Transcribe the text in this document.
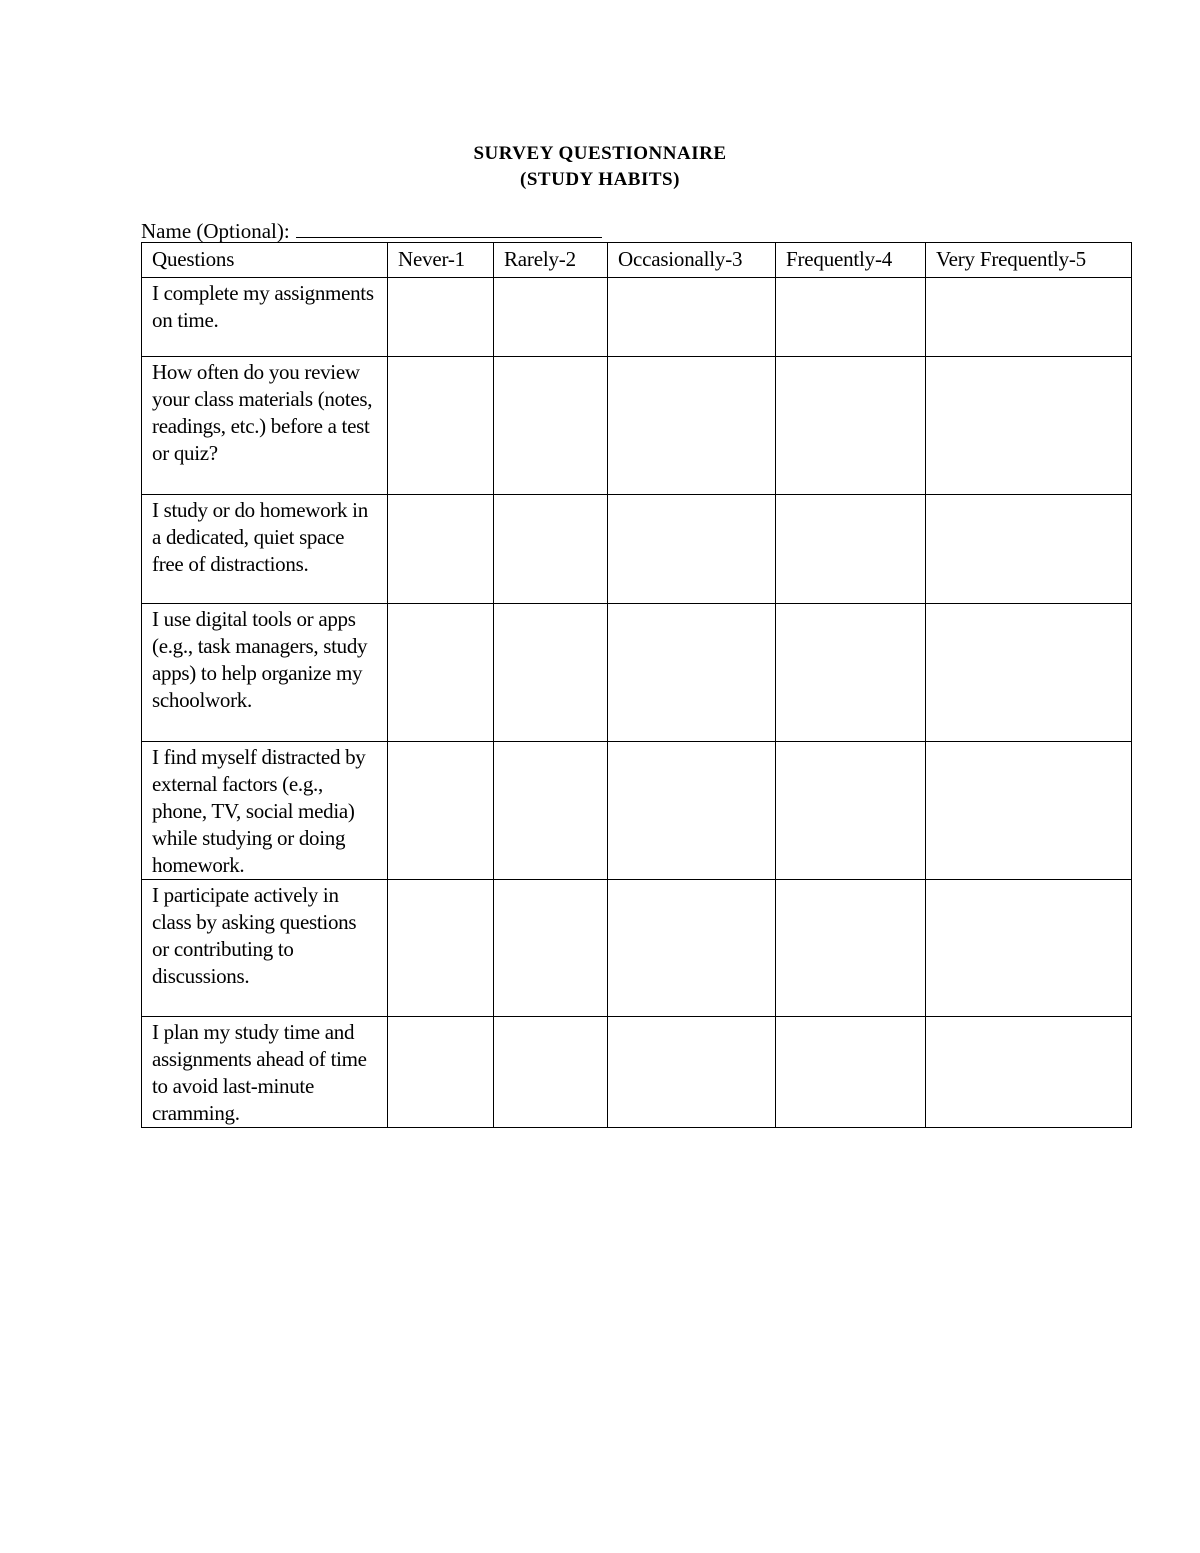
SURVEY QUESTIONNAIRE
(STUDY HABITS)
Name (Optional):
Questions	Never-1	Rarely-2	Occasionally-3	Frequently-4	Very Frequently-5
I complete my assignments on time.					
How often do you review your class materials (notes, readings, etc.) before a test or quiz?					
I study or do homework in a dedicated, quiet space free of distractions.					
I use digital tools or apps (e.g., task managers, study apps) to help organize my schoolwork.					
I find myself distracted by external factors (e.g., phone, TV, social media) while studying or doing homework.					
I participate actively in class by asking questions or contributing to discussions.					
I plan my study time and assignments ahead of time to avoid last-minute cramming.					
